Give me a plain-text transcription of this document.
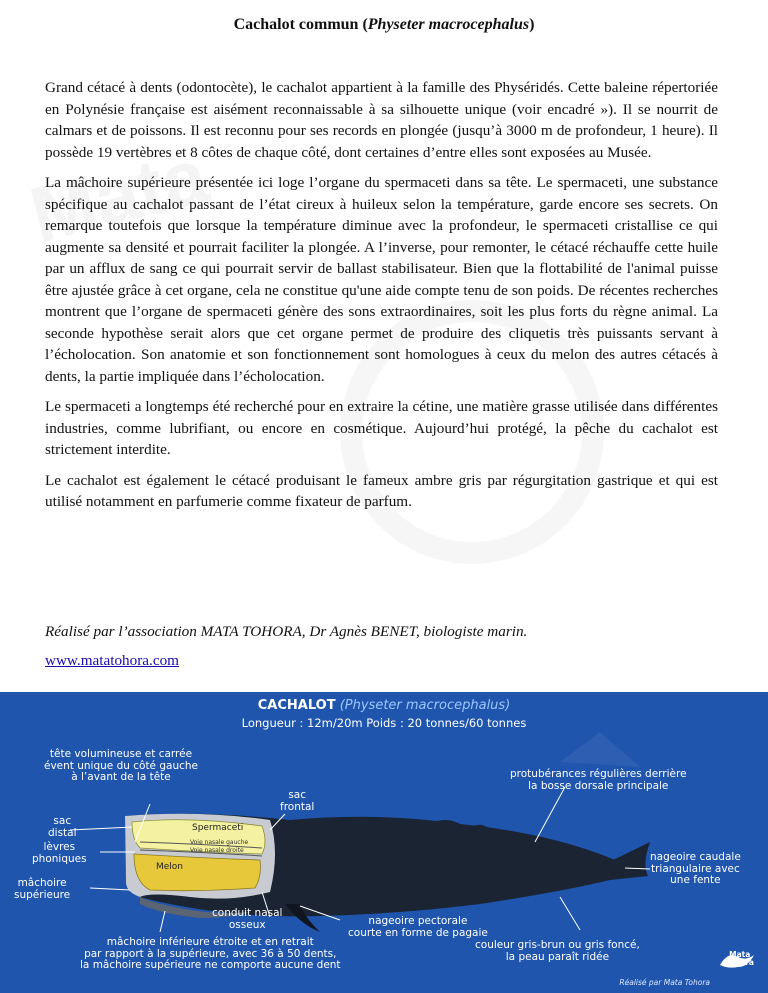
Cachalot commun (Physeter macrocephalus)

Grand cétacé à dents (odontocète), le cachalot appartient à la famille des Physéridés. Cette baleine répertoriée en Polynésie française est aisément reconnaissable à sa silhouette unique (voir encadré »). Il se nourrit de calmars et de poissons. Il est reconnu pour ses records en plongée (jusqu’à 3000 m de profondeur, 1 heure). Il possède 19 vertèbres et 8 côtes de chaque côté, dont certaines d’entre elles sont exposées au Musée.

La mâchoire supérieure présentée ici loge l’organe du spermaceti dans sa tête. Le spermaceti, une substance spécifique au cachalot passant de l’état cireux à huileux selon la température, garde encore ses secrets. On remarque toutefois que lorsque la température diminue avec la profondeur, le spermaceti cristallise ce qui augmente sa densité et pourrait faciliter la plongée. A l’inverse, pour remonter, le cétacé réchauffe cette huile par un afflux de sang ce qui pourrait servir de ballast stabilisateur. Bien que la flottabilité de l'animal puisse être ajustée grâce à cet organe, cela ne constitue qu'une aide compte tenu de son poids. De récentes recherches montrent que l’organe de spermaceti génère des sons extraordinaires, soit les plus forts du règne animal. La seconde hypothèse serait alors que cet organe permet de produire des cliquetis très puissants servant à l’écholocation. Son anatomie et son fonctionnement sont homologues à ceux du melon des autres cétacés à dents, la partie impliquée dans l’écholocation.

Le spermaceti a longtemps été recherché pour en extraire la cétine, une matière grasse utilisée dans différentes industries, comme lubrifiant, ou encore en cosmétique. Aujourd’hui protégé, la pêche du cachalot est strictement interdite.

Le cachalot est également le cétacé produisant le fameux ambre gris par régurgitation gastrique et qui est utilisé notamment en parfumerie comme fixateur de parfum.

Réalisé par l’association MATA TOHORA, Dr Agnès BENET, biologiste marin.
www.matatohora.com
CACHALOT (Physeter macrocephalus)
Longueur : 12m/20m Poids : 20 tonnes/60 tonnes
tête volumineuse et carrée
évent unique du côté gauche
à l’avant de la tête
sac
frontal
sac
distal
lèvres
phoniques
mâchoire
supérieure
conduit nasal
osseux
mâchoire inférieure étroite et en retrait
par rapport à la supérieure, avec 36 à 50 dents,
la mâchoire supérieure ne comporte aucune dent
nageoire pectorale
courte en forme de pagaie
protubérances régulières derrière
la bosse dorsale principale
nageoire caudale
triangulaire avec
une fente
couleur gris-brun ou gris foncé,
la peau paraît ridée
Spermaceti
Voie nasale gauche
Voie nasale droite
Melon
Mata
Tohora
Réalisé par Mata Tohora
